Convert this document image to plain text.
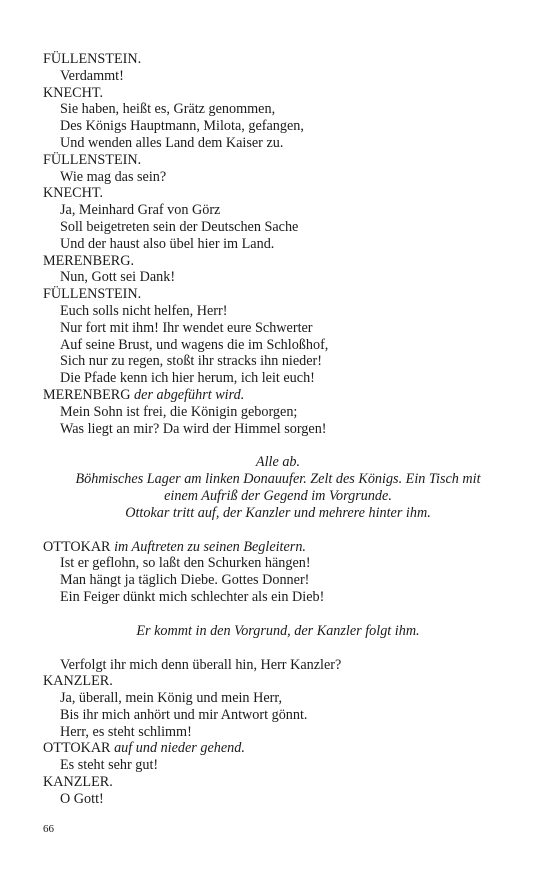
FÜLLENSTEIN.
Verdammt!
KNECHT.
Sie haben, heißt es, Grätz genommen,
Des Königs Hauptmann, Milota, gefangen,
Und wenden alles Land dem Kaiser zu.
FÜLLENSTEIN.
Wie mag das sein?
KNECHT.
Ja, Meinhard Graf von Görz
Soll beigetreten sein der Deutschen Sache
Und der haust also übel hier im Land.
MERENBERG.
Nun, Gott sei Dank!
FÜLLENSTEIN.
Euch solls nicht helfen, Herr!
Nur fort mit ihm! Ihr wendet eure Schwerter
Auf seine Brust, und wagens die im Schloßhof,
Sich nur zu regen, stoßt ihr stracks ihn nieder!
Die Pfade kenn ich hier herum, ich leit euch!
MERENBERG der abgeführt wird.
Mein Sohn ist frei, die Königin geborgen;
Was liegt an mir? Da wird der Himmel sorgen!
Alle ab.
Böhmisches Lager am linken Donauufer. Zelt des Königs. Ein Tisch mit
einem Aufriß der Gegend im Vorgrunde.
Ottokar tritt auf, der Kanzler und mehrere hinter ihm.
OTTOKAR im Auftreten zu seinen Begleitern.
Ist er geflohn, so laßt den Schurken hängen!
Man hängt ja täglich Diebe. Gottes Donner!
Ein Feiger dünkt mich schlechter als ein Dieb!
Er kommt in den Vorgrund, der Kanzler folgt ihm.
Verfolgt ihr mich denn überall hin, Herr Kanzler?
KANZLER.
Ja, überall, mein König und mein Herr,
Bis ihr mich anhört und mir Antwort gönnt.
Herr, es steht schlimm!
OTTOKAR auf und nieder gehend.
Es steht sehr gut!
KANZLER.
O Gott!
66
